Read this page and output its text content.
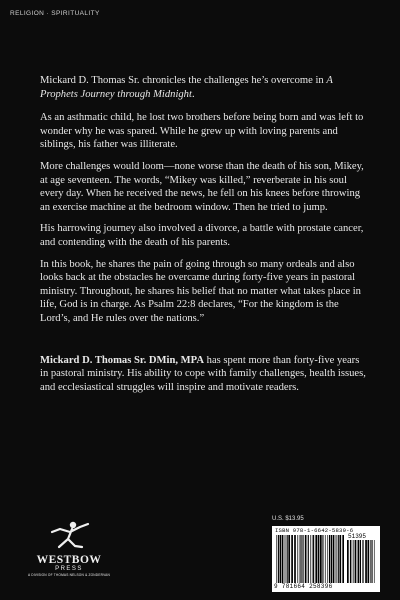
RELIGION · SPIRITUALITY

Mickard D. Thomas Sr. chronicles the challenges he’s overcome in A Prophets Journey through Midnight.

As an asthmatic child, he lost two brothers before being born and was left to wonder why he was spared. While he grew up with loving parents and siblings, his father was illiterate.

More challenges would loom—none worse than the death of his son, Mikey, at age seventeen. The words, “Mikey was killed,” reverberate in his soul every day. When he received the news, he fell on his knees before throwing an exercise machine at the bedroom window. Then he tried to jump.

His harrowing journey also involved a divorce, a battle with prostate cancer, and contending with the death of his parents.

In this book, he shares the pain of going through so many ordeals and also looks back at the obstacles he overcame during forty-five years in pastoral ministry. Throughout, he shares his belief that no matter what takes place in life, God is in charge. As Psalm 22:8 declares, “For the kingdom is the Lord’s, and He rules over the nations.”

Mickard D. Thomas Sr. DMin, MPA has spent more than forty-five years in pastoral ministry. His ability to cope with family challenges, health issues, and ecclesiastical struggles will inspire and motivate readers.

WESTBOW
PRESS
A DIVISION OF THOMAS NELSON & ZONDERVAN
U.S. $13.95
ISBN 978-1-6642-5839-6
51395
9 781664 258396
